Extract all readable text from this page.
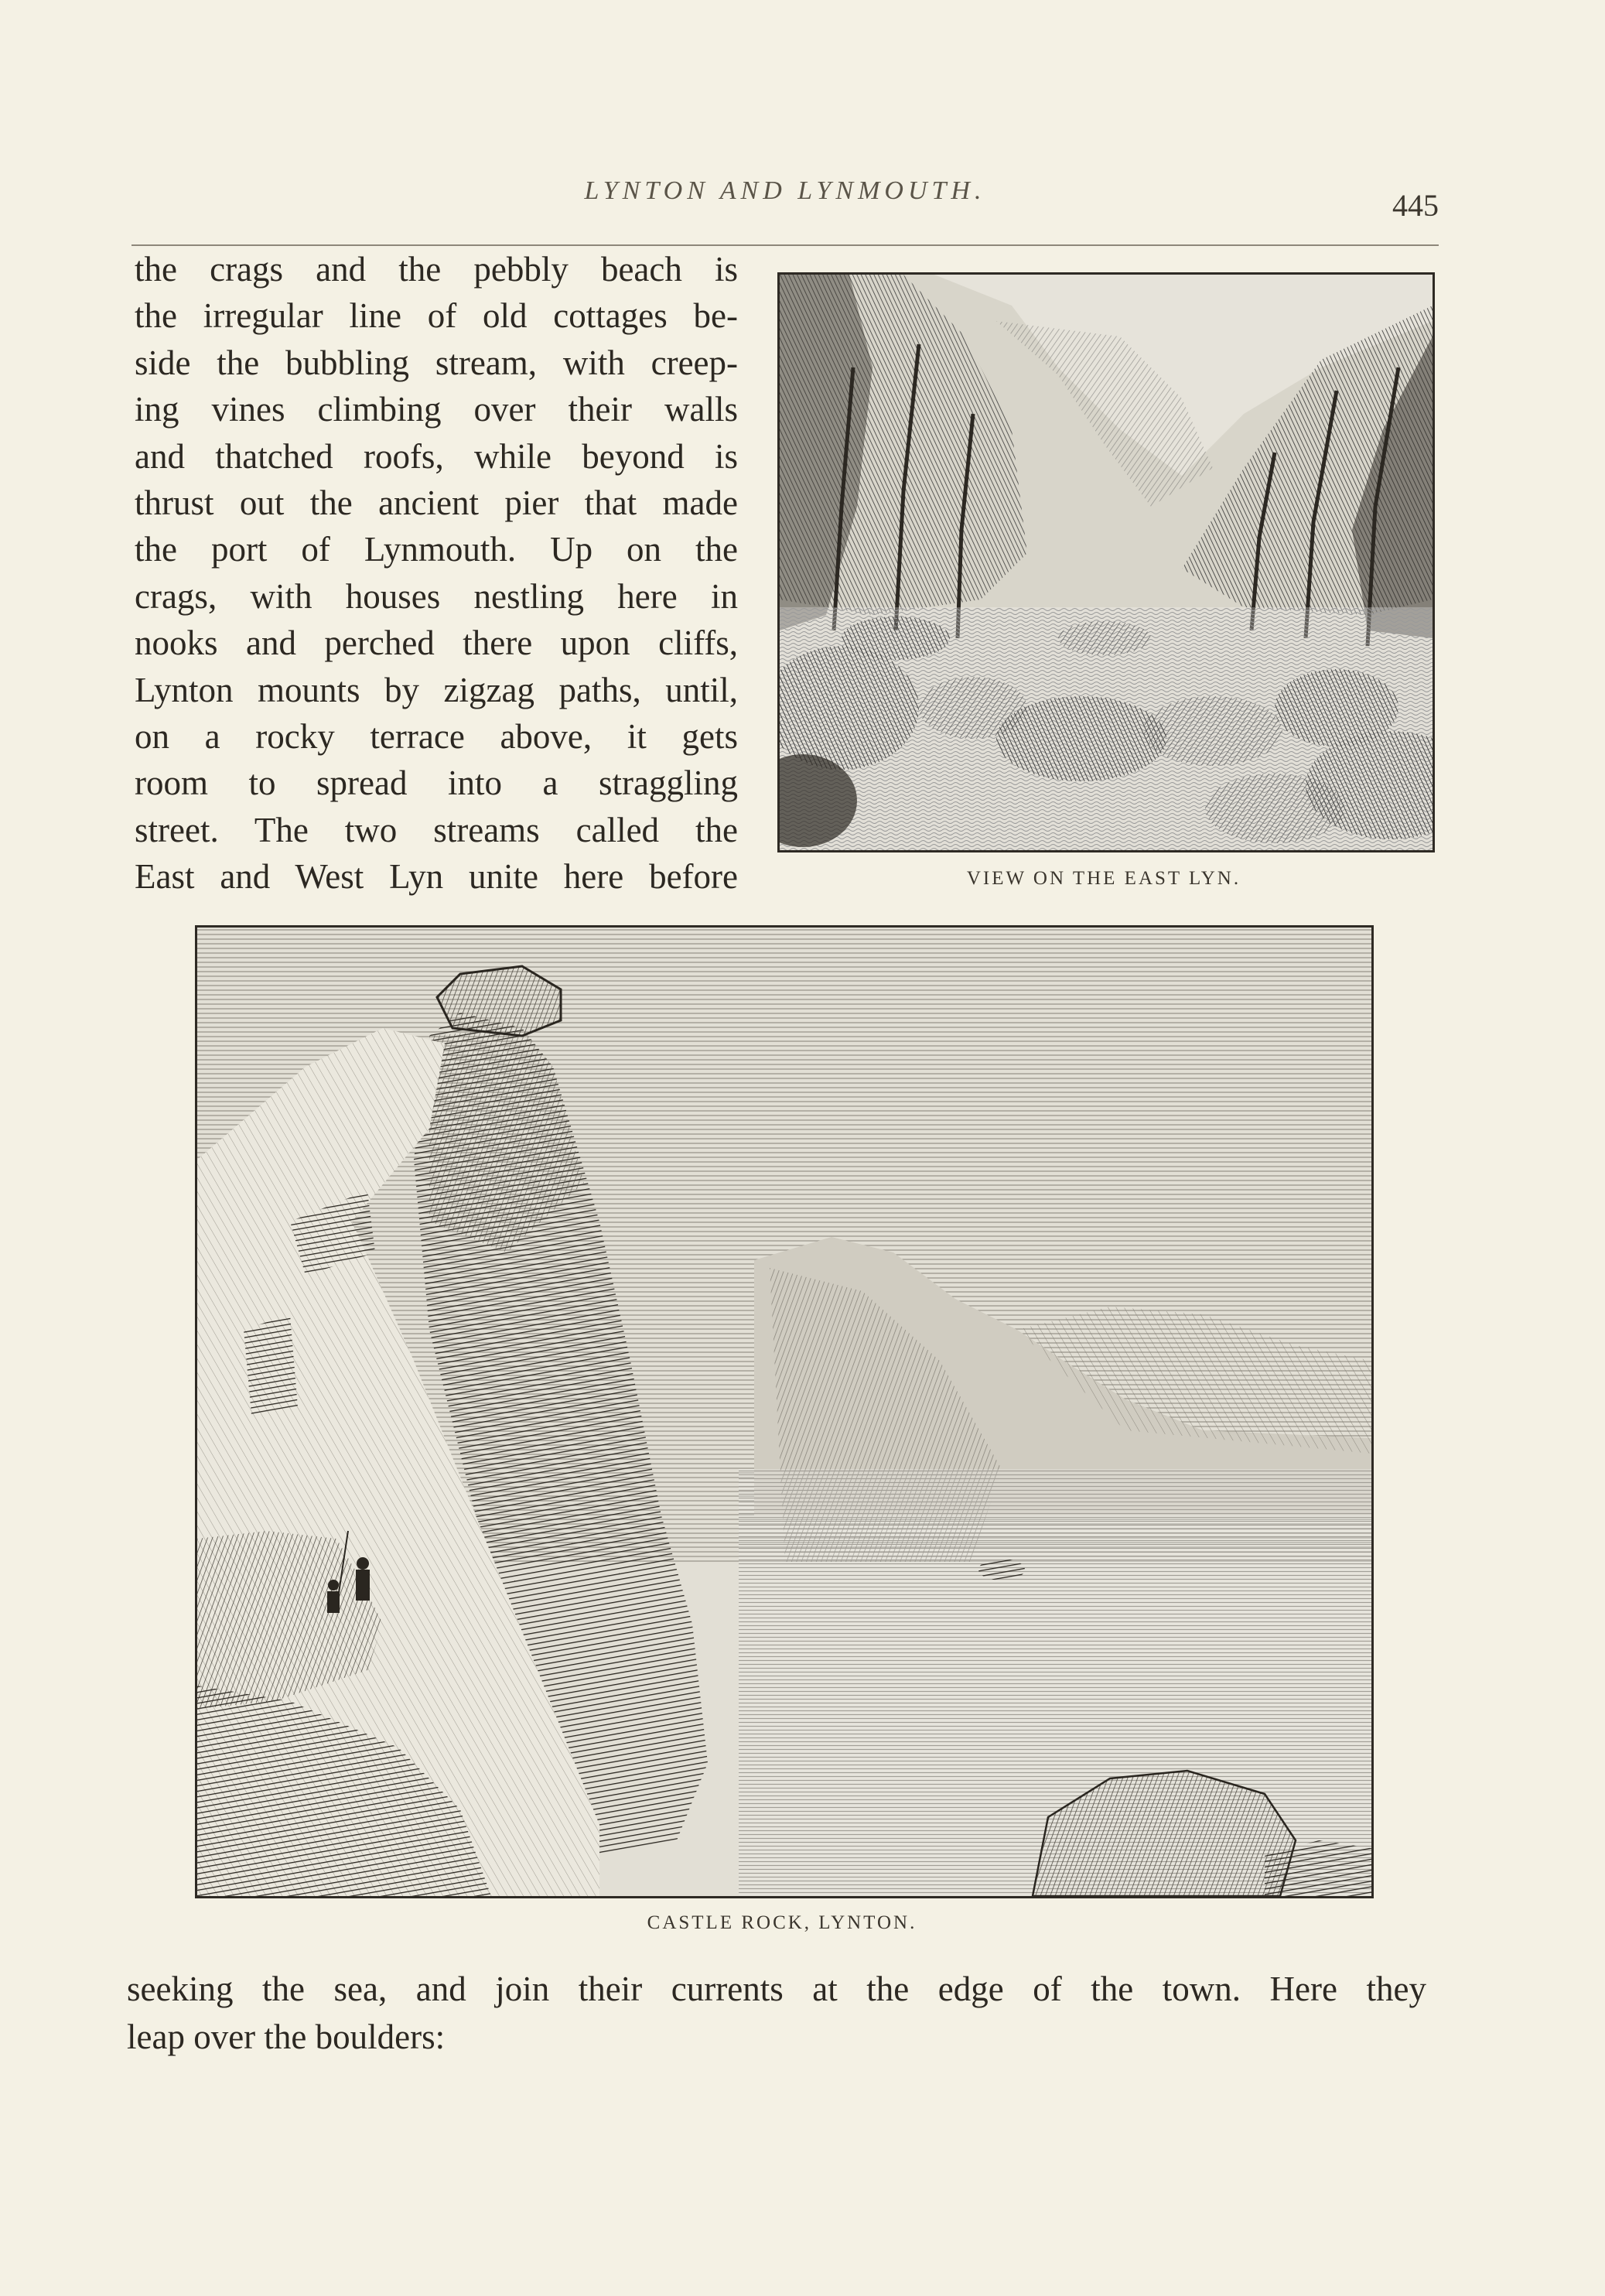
LYNTON AND LYNMOUTH.	445
the crags and the pebbly beach is
the irregular line of old cottages be-
side the bubbling stream, with creep-
ing vines climbing over their walls
and thatched roofs, while beyond is
thrust out the ancient pier that made
the port of Lynmouth. Up on the
crags, with houses nestling here in
nooks and perched there upon cliffs,
Lynton mounts by zigzag paths, until,
on a rocky terrace above, it gets
room to spread into a straggling
street. The two streams called the
East and West Lyn unite here before	VIEW ON THE EAST LYN.
CASTLE ROCK, LYNTON.
seeking the sea, and join their currents at the edge of the town. Here they
leap over the boulders:
